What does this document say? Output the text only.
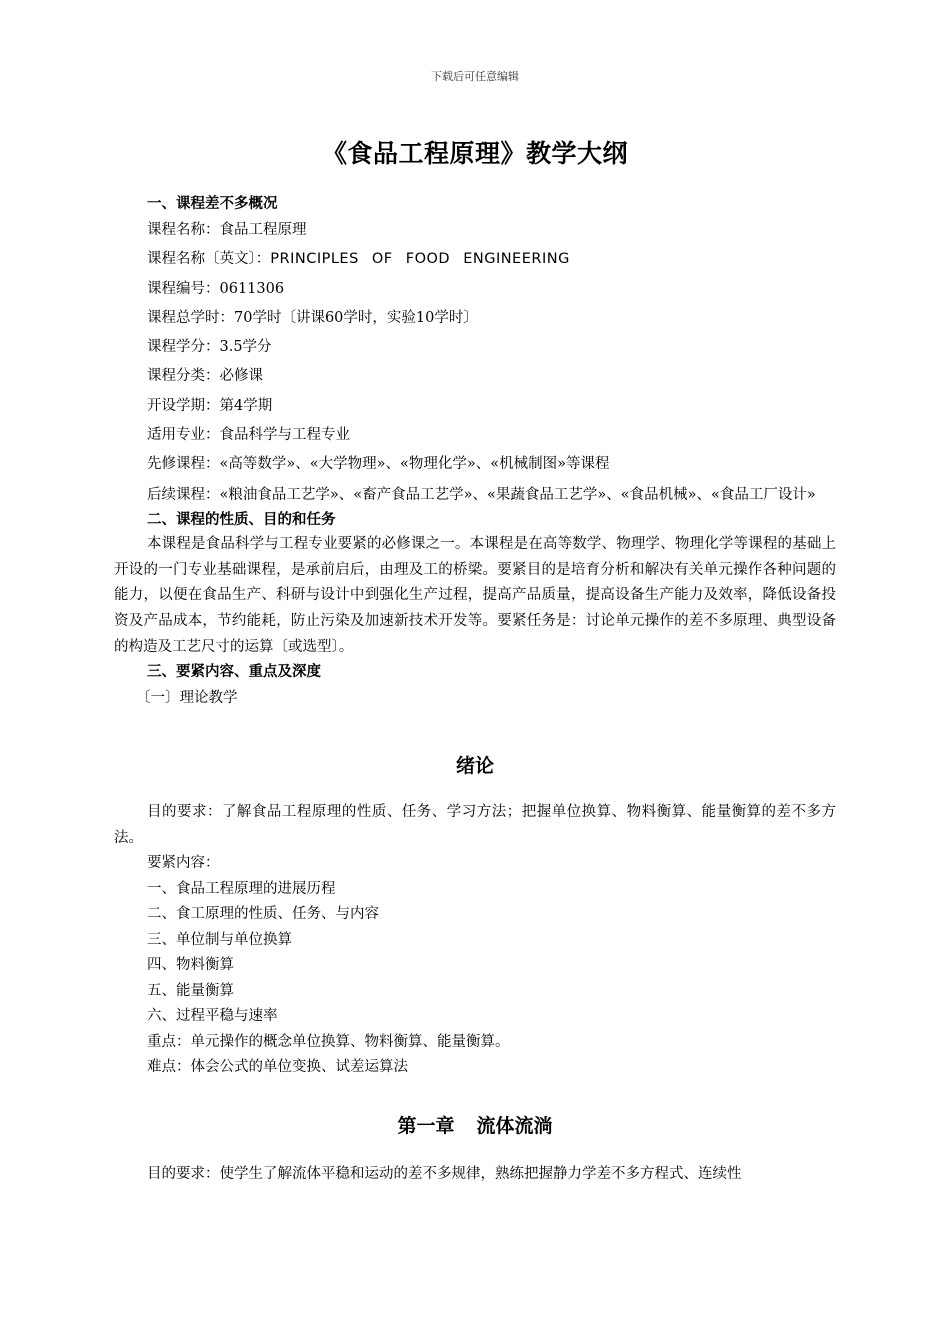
下载后可任意编辑
《食品工程原理》教学大纲
一、课程差不多概况
课程名称：食品工程原理
课程名称〔英文〕：PRINCIPLES OF FOOD ENGINEERING
课程编号：0611306
课程总学时：70学时〔讲课60学时，实验10学时〕
课程学分：3.5学分
课程分类：必修课
开设学期：第4学期
适用专业：食品科学与工程专业
先修课程：«高等数学»、«大学物理»、«物理化学»、«机械制图»等课程
后续课程：«粮油食品工艺学»、«畜产食品工艺学»、«果蔬食品工艺学»、«食品机械»、«食品工厂设计»
二、课程的性质、目的和任务
本课程是食品科学与工程专业要紧的必修课之一。本课程是在高等数学、物理学、物理化学等课程的基础上开设的一门专业基础课程，是承前启后，由理及工的桥梁。要紧目的是培育分析和解决有关单元操作各种问题的能力，以便在食品生产、科研与设计中到强化生产过程，提高产品质量，提高设备生产能力及效率，降低设备投资及产品成本，节约能耗，防止污染及加速新技术开发等。要紧任务是：讨论单元操作的差不多原理、典型设备的构造及工艺尺寸的运算〔或选型〕。
三、要紧内容、重点及深度
〔一〕理论教学
绪论
目的要求：了解食品工程原理的性质、任务、学习方法；把握单位换算、物料衡算、能量衡算的差不多方法。
要紧内容：
一、食品工程原理的进展历程
二、食工原理的性质、任务、与内容
三、单位制与单位换算
四、物料衡算
五、能量衡算
六、过程平稳与速率
重点：单元操作的概念单位换算、物料衡算、能量衡算。
难点：体会公式的单位变换、试差运算法
第一章 流体流淌
目的要求：使学生了解流体平稳和运动的差不多规律，熟练把握静力学差不多方程式、连续性
